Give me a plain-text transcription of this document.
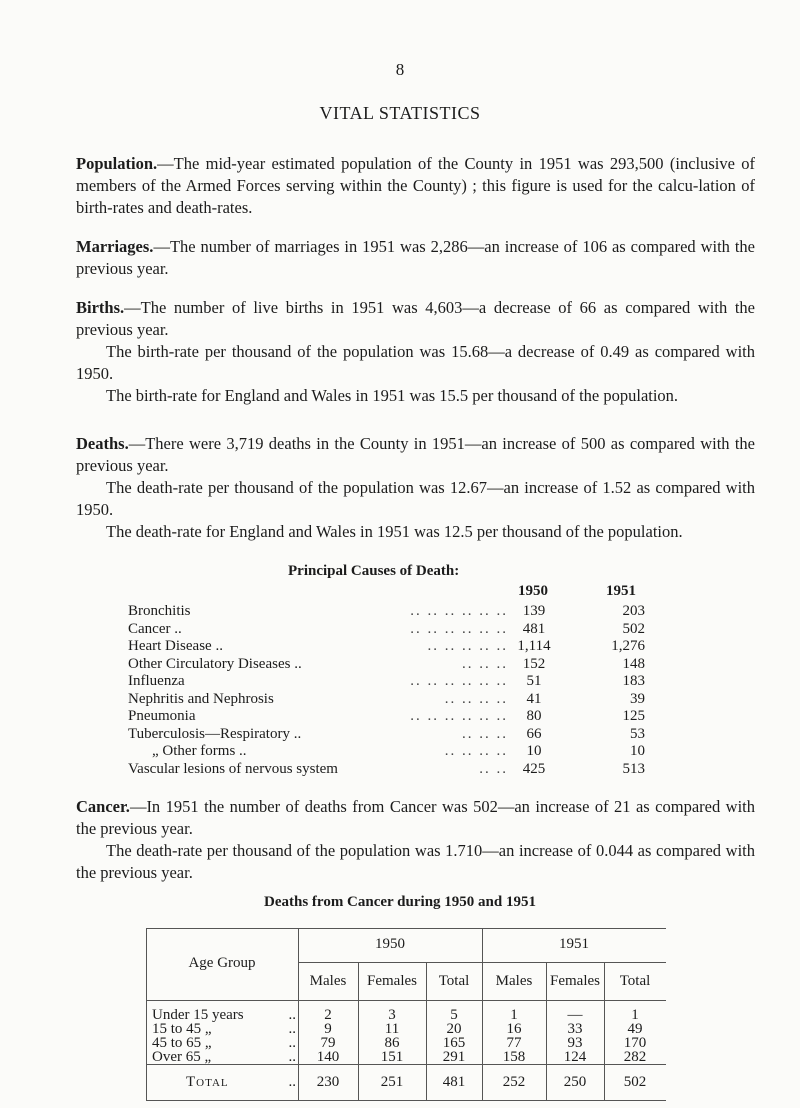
8
VITAL STATISTICS

Population.—The mid-year estimated population of the County in 1951 was 293,500 (inclusive of members of the Armed Forces serving within the County) ; this figure is used for the calcu-lation of birth-rates and death-rates.

Marriages.—The number of marriages in 1951 was 2,286—an increase of 106 as compared with the previous year.

Births.—The number of live births in 1951 was 4,603—a decrease of 66 as compared with the previous year.

The birth-rate per thousand of the population was 15.68—a decrease of 0.49 as compared with 1950.

The birth-rate for England and Wales in 1951 was 15.5 per thousand of the population.

Deaths.—There were 3,719 deaths in the County in 1951—an increase of 500 as compared with the previous year.

The death-rate per thousand of the population was 12.67—an increase of 1.52 as compared with 1950.

The death-rate for England and Wales in 1951 was 12.5 per thousand of the population.

Principal Causes of Death:
1950	1951
Bronchitis	.. .. .. .. .. .. 139	203
Cancer ..	.. .. .. .. .. .. 481	502
Heart Disease ..	.. .. .. .. .. 1,114	1,276
Other Circulatory Diseases ..	.. .. .. 152	148
Influenza	.. .. .. .. .. ..	51	183
Nephritis and Nephrosis	.. .. .. ..	41	39
Pneumonia	.. .. .. .. .. ..	80	125
Tuberculosis—Respiratory ..	.. .. ..	66	53
„ Other forms ..	.. .. .. ..	10	10
Vascular lesions of nervous system	.. .. 425	513

Cancer.—In 1951 the number of deaths from Cancer was 502—an increase of 21 as compared with the previous year.

The death-rate per thousand of the population was 1.710—an increase of 0.044 as compared with the previous year.

Deaths from Cancer during 1950 and 1951
Age Group
1950	1951
Males	Females	Total	Males	Females	Total
Under 15 years	..	2	3	5	1	—	1
15 to 45 „	..	9	11	20	16	33	49
45 to 65 „	..	79	86	165	77	93	170
Over 65 „	..	140	151	291	158	124	282
Total	..	230	251	481	252	250	502
